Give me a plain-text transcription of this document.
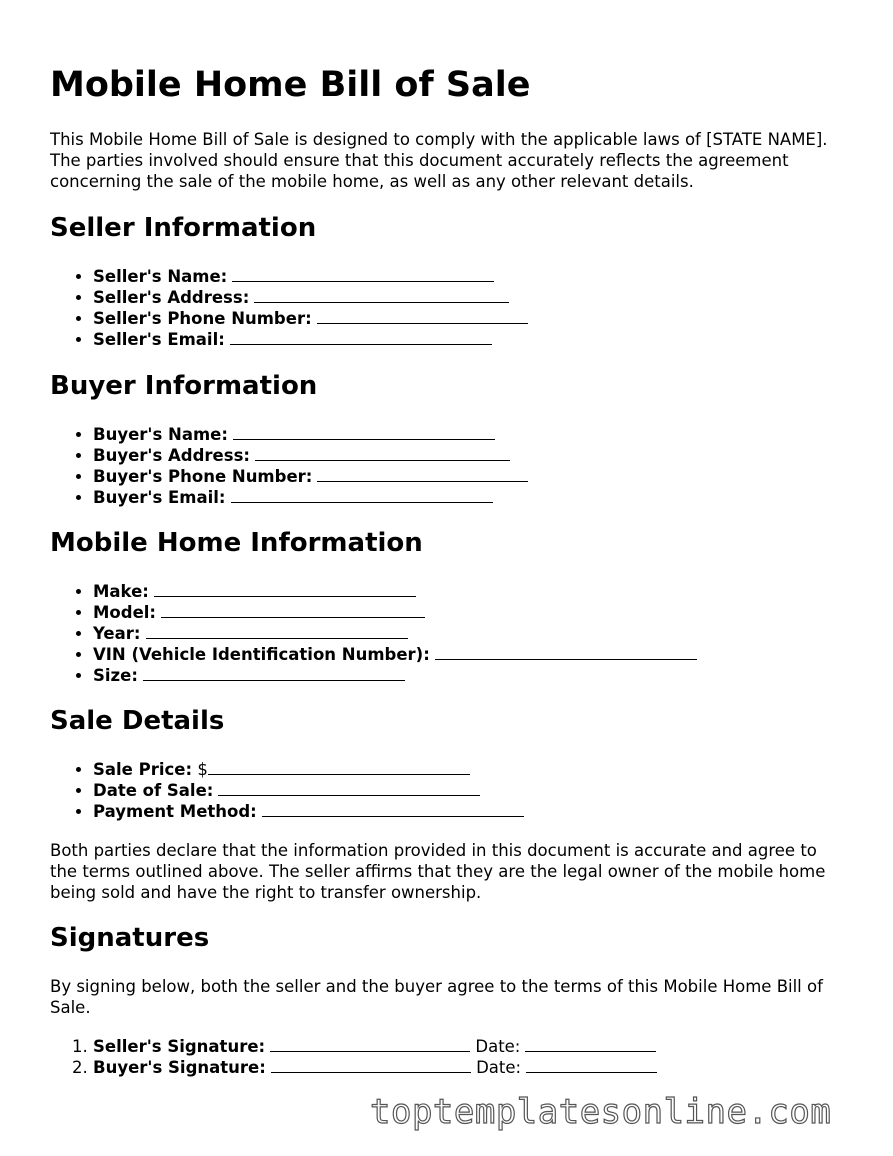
Mobile Home Bill of Sale

This Mobile Home Bill of Sale is designed to comply with the applicable laws of [STATE NAME]. The parties involved should ensure that this document accurately reflects the agreement concerning the sale of the mobile home, as well as any other relevant details.

Seller Information
• Seller's Name:
• Seller's Address:
• Seller's Phone Number:
• Seller's Email:
Buyer Information
• Buyer's Name:
• Buyer's Address:
• Buyer's Phone Number:
• Buyer's Email:
Mobile Home Information
• Make:
• Model:
• Year:
• VIN (Vehicle Identification Number):
• Size:
Sale Details
• Sale Price: $
• Date of Sale:
• Payment Method:

Both parties declare that the information provided in this document is accurate and agree to the terms outlined above. The seller affirms that they are the legal owner of the mobile home being sold and have the right to transfer ownership.

Signatures

By signing below, both the seller and the buyer agree to the terms of this Mobile Home Bill of Sale.

1. Seller's Signature:	Date:
2. Buyer's Signature:	Date:
toptemplatesonline.com
